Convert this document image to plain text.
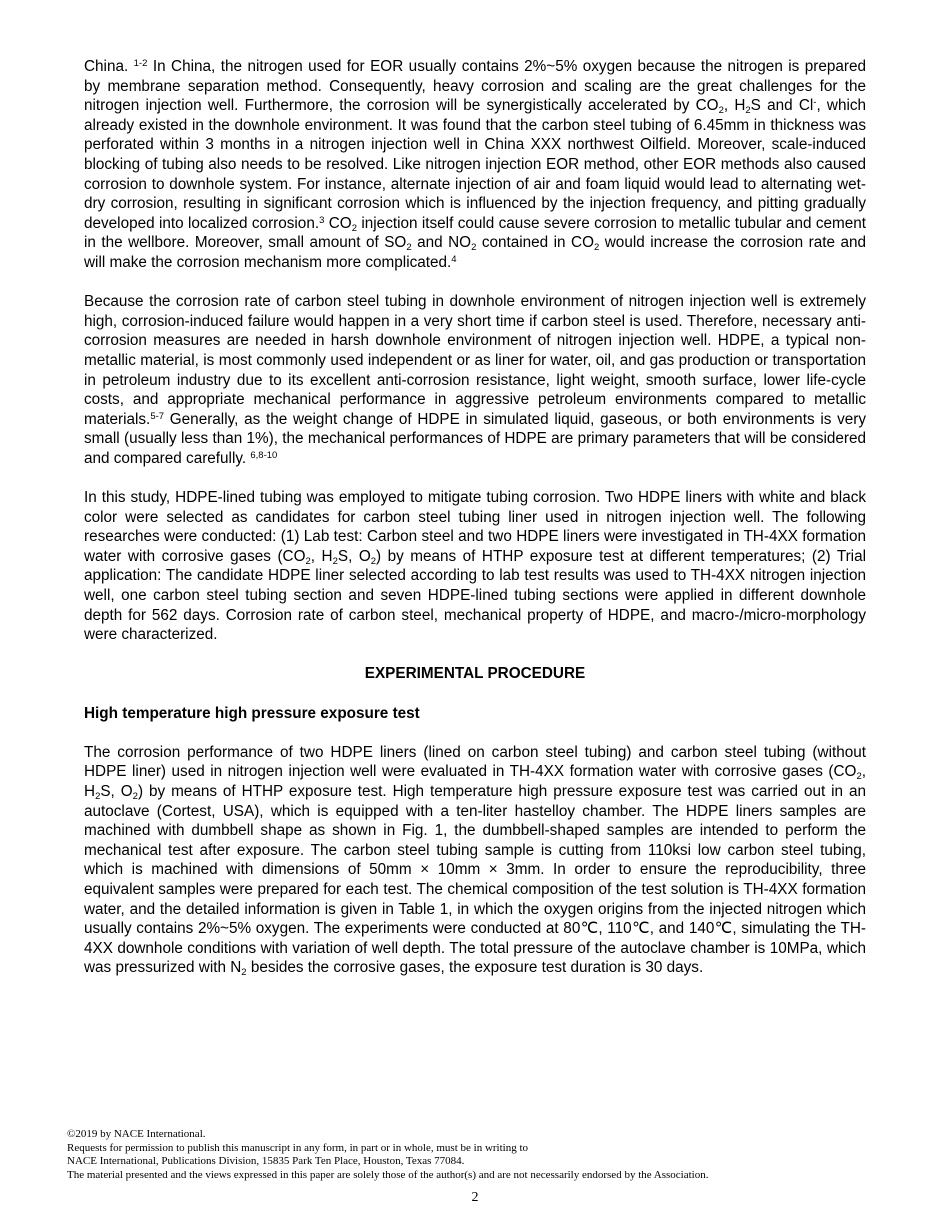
China. $^{1-2}$ In China, the nitrogen used for EOR usually contains 2%~5% oxygen because the nitrogen is prepared by membrane separation method. Consequently, heavy corrosion and scaling are the great challenges for the nitrogen injection well. Furthermore, the corrosion will be synergistically accelerated by $CO_2$, $H_2S$ and Cl-, which already existed in the downhole environment. It was found that the carbon steel tubing of 6.45mm in thickness was perforated within 3 months in a nitrogen injection well in China XXX northwest Oilfield. Moreover, scale-induced blocking of tubing also needs to be resolved. Like nitrogen injection EOR method, other EOR methods also caused corrosion to downhole system. For instance, alternate injection of air and foam liquid would lead to alternating wet-dry corrosion, resulting in significant corrosion which is influenced by the injection frequency, and pitting gradually developed into localized corrosion.$^3$ $CO_2$ injection itself could cause severe corrosion to metallic tubular and cement in the wellbore. Moreover, small amount of $SO_2$ and $NO_2$ contained in $CO_2$ would increase the corrosion rate and will make the corrosion mechanism more complicated.$^4$

Because the corrosion rate of carbon steel tubing in downhole environment of nitrogen injection well is extremely high, corrosion-induced failure would happen in a very short time if carbon steel is used. Therefore, necessary anti-corrosion measures are needed in harsh downhole environment of nitrogen injection well. HDPE, a typical non-metallic material, is most commonly used independent or as liner for water, oil, and gas production or transportation in petroleum industry due to its excellent anti-corrosion resistance, light weight, smooth surface, lower life-cycle costs, and appropriate mechanical performance in aggressive petroleum environments compared to metallic materials.$^{5-7}$ Generally, as the weight change of HDPE in simulated liquid, gaseous, or both environments is very small (usually less than 1%), the mechanical performances of HDPE are primary parameters that will be considered and compared carefully. $^{6,8-10}$

In this study, HDPE-lined tubing was employed to mitigate tubing corrosion. Two HDPE liners with white and black color were selected as candidates for carbon steel tubing liner used in nitrogen injection well. The following researches were conducted: (1) Lab test: Carbon steel and two HDPE liners were investigated in TH-4XX formation water with corrosive gases ($CO_2$, $H_2S$, $O_2$) by means of HTHP exposure test at different temperatures; (2) Trial application: The candidate HDPE liner selected according to lab test results was used to TH-4XX nitrogen injection well, one carbon steel tubing section and seven HDPE-lined tubing sections were applied in different downhole depth for 562 days. Corrosion rate of carbon steel, mechanical property of HDPE, and macro-/micro-morphology were characterized.

EXPERIMENTAL PROCEDURE

High temperature high pressure exposure test

The corrosion performance of two HDPE liners (lined on carbon steel tubing) and carbon steel tubing (without HDPE liner) used in nitrogen injection well were evaluated in TH-4XX formation water with corrosive gases ($CO_2$, $H_2S$, $O_2$) by means of HTHP exposure test. High temperature high pressure exposure test was carried out in an autoclave (Cortest, USA), which is equipped with a ten-liter hastelloy chamber. The HDPE liners samples are machined with dumbbell shape as shown in Fig. 1, the dumbbell-shaped samples are intended to perform the mechanical test after exposure. The carbon steel tubing sample is cutting from 110ksi low carbon steel tubing, which is machined with dimensions of 50mm × 10mm × 3mm. In order to ensure the reproducibility, three equivalent samples were prepared for each test. The chemical composition of the test solution is TH-4XX formation water, and the detailed information is given in Table 1, in which the oxygen origins from the injected nitrogen which usually contains 2%~5% oxygen. The experiments were conducted at 80℃, 110℃, and 140℃, simulating the TH-4XX downhole conditions with variation of well depth. The total pressure of the autoclave chamber is 10MPa, which was pressurized with $N_2$ besides the corrosive gases, the exposure test duration is 30 days.

©2019 by NACE International.

Requests for permission to publish this manuscript in any form, in part or in whole, must be in writing to

NACE International, Publications Division, 15835 Park Ten Place, Houston, Texas 77084.

The material presented and the views expressed in this paper are solely those of the author(s) and are not necessarily endorsed by the Association.

2
